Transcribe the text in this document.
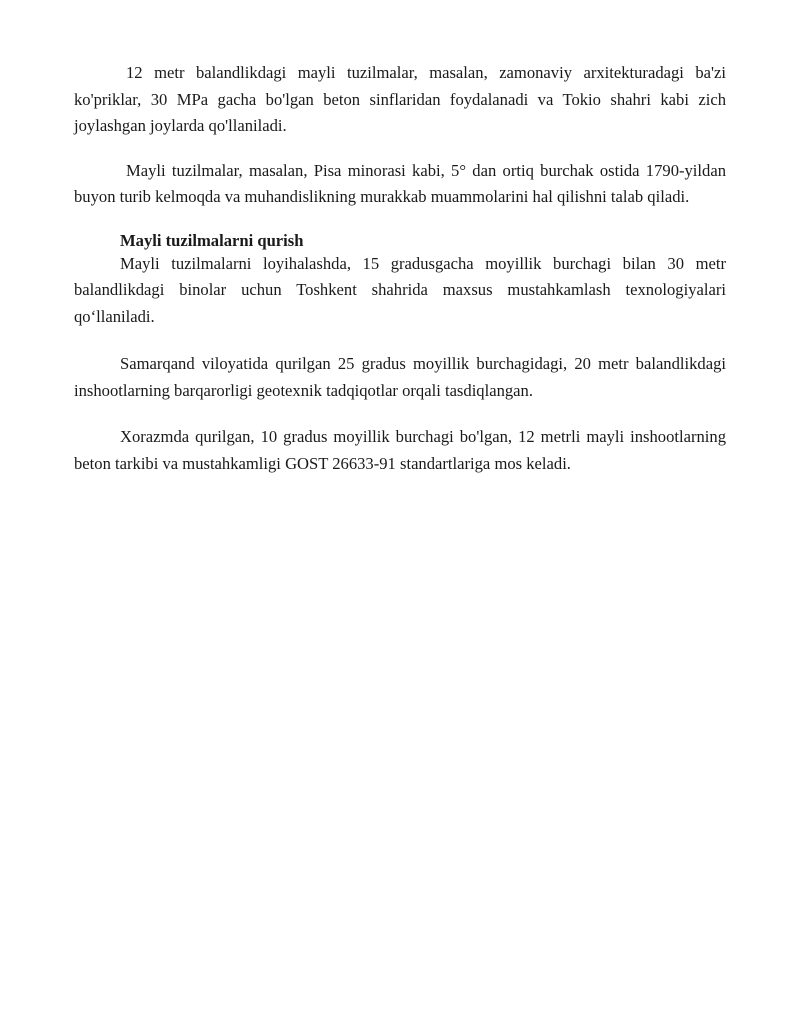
12 metr balandlikdagi mayli tuzilmalar, masalan, zamonaviy arxitekturadagi ba'zi ko'priklar, 30 MPa gacha bo'lgan beton sinflaridan foydalanadi va Tokio shahri kabi zich joylashgan joylarda qo'llaniladi.

Mayli tuzilmalar, masalan, Pisa minorasi kabi, 5° dan ortiq burchak ostida 1790-yildan buyon turib kelmoqda va muhandislikning murakkab muammolarini hal qilishni talab qiladi.

Mayli tuzilmalarni qurish

Mayli tuzilmalarni loyihalashda, 15 gradusgacha moyillik burchagi bilan 30 metr balandlikdagi binolar uchun Toshkent shahrida maxsus mustahkamlash texnologiyalari qo‘llaniladi.

Samarqand viloyatida qurilgan 25 gradus moyillik burchagidagi, 20 metr balandlikdagi inshootlarning barqarorligi geotexnik tadqiqotlar orqali tasdiqlangan.

Xorazmda qurilgan, 10 gradus moyillik burchagi bo'lgan, 12 metrli mayli inshootlarning beton tarkibi va mustahkamligi GOST 26633-91 standartlariga mos keladi.
